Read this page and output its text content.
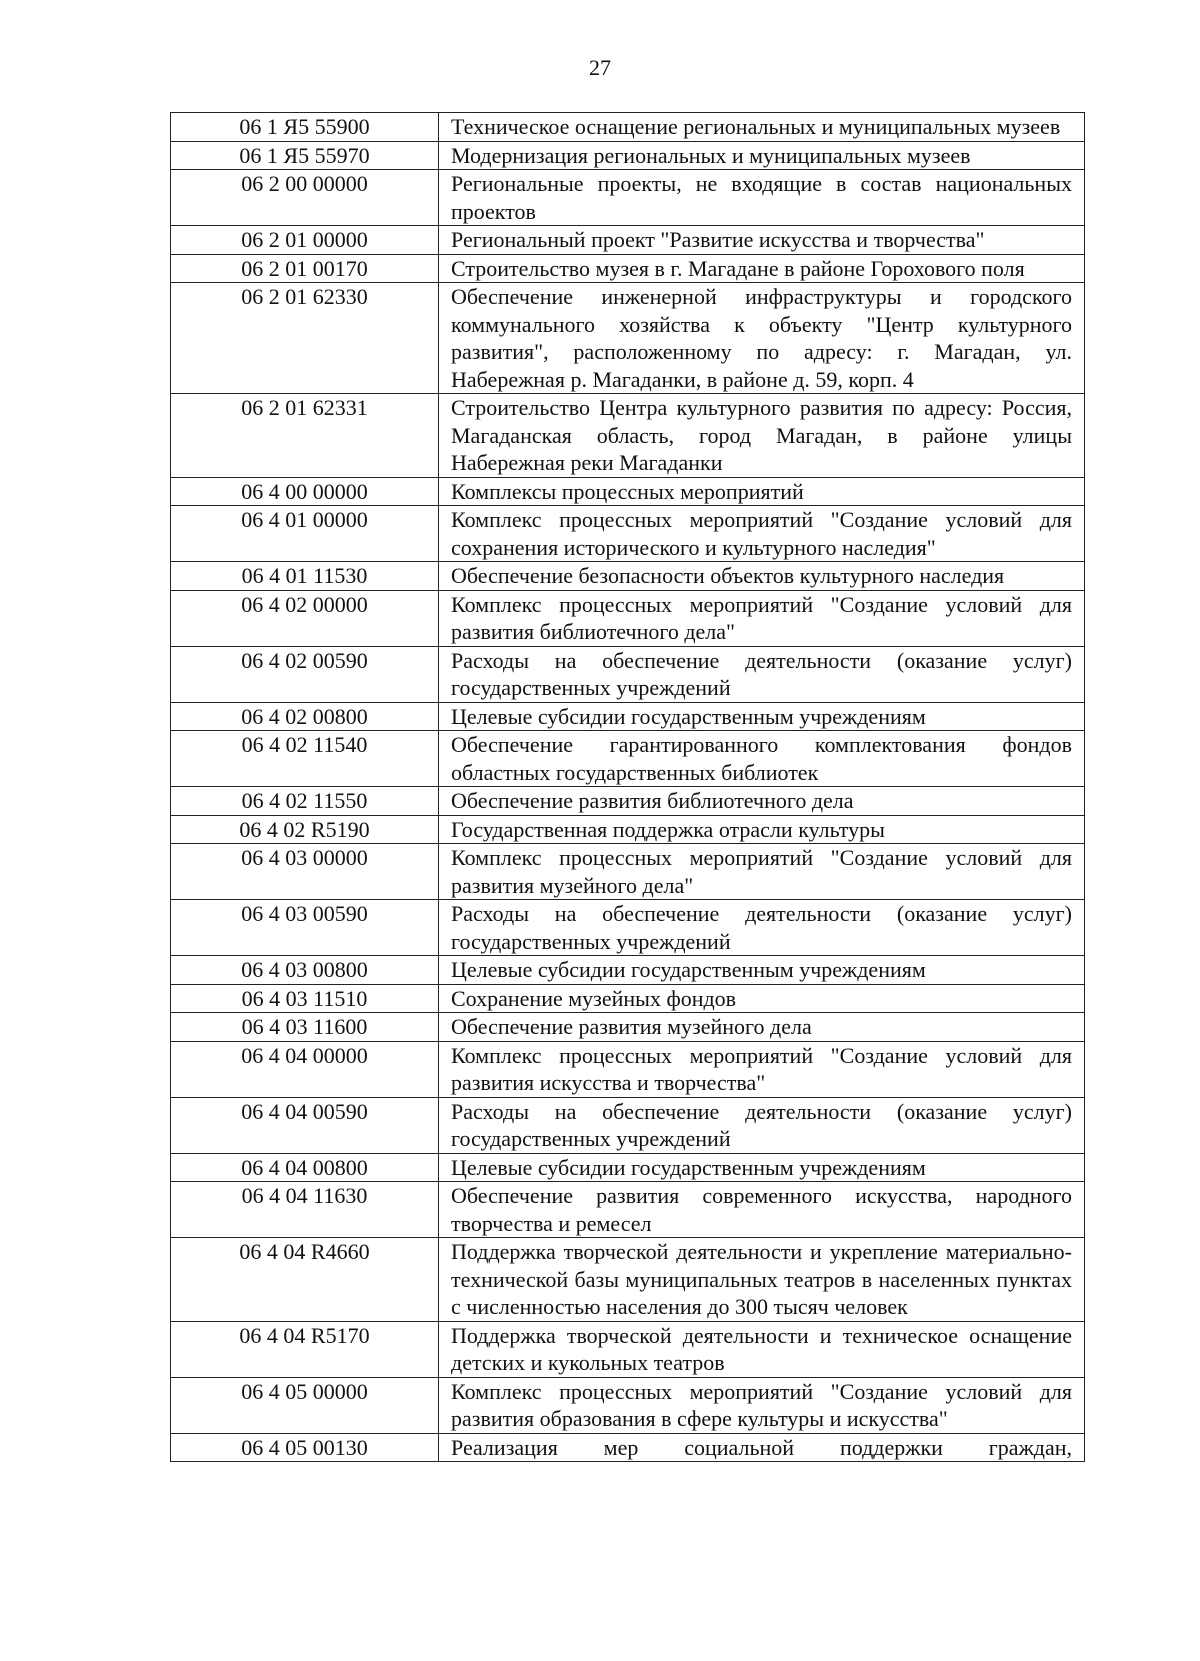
27
06 1 Я5 55900	Техническое оснащение региональных и муниципальных музеев
06 1 Я5 55970	Модернизация региональных и муниципальных музеев
06 2 00 00000	Региональные проекты, не входящие в состав национальных проектов
06 2 01 00000	Региональный проект "Развитие искусства и творчества"
06 2 01 00170	Строительство музея в г. Магадане в районе Горохового поля
06 2 01 62330	Обеспечение инженерной инфраструктуры и городского коммунального хозяйства к объекту "Центр культурного развития", расположенному по адресу: г. Магадан, ул. Набережная р. Магаданки, в районе д. 59, корп. 4
06 2 01 62331	Строительство Центра культурного развития по адресу: Россия, Магаданская область, город Магадан, в районе улицы Набережная реки Магаданки
06 4 00 00000	Комплексы процессных мероприятий
06 4 01 00000	Комплекс процессных мероприятий "Создание условий для сохранения исторического и культурного наследия"
06 4 01 11530	Обеспечение безопасности объектов культурного наследия
06 4 02 00000	Комплекс процессных мероприятий "Создание условий для развития библиотечного дела"
06 4 02 00590	Расходы на обеспечение деятельности (оказание услуг) государственных учреждений
06 4 02 00800	Целевые субсидии государственным учреждениям
06 4 02 11540	Обеспечение гарантированного комплектования фондов областных государственных библиотек
06 4 02 11550	Обеспечение развития библиотечного дела
06 4 02 R5190	Государственная поддержка отрасли культуры
06 4 03 00000	Комплекс процессных мероприятий "Создание условий для развития музейного дела"
06 4 03 00590	Расходы на обеспечение деятельности (оказание услуг) государственных учреждений
06 4 03 00800	Целевые субсидии государственным учреждениям
06 4 03 11510	Сохранение музейных фондов
06 4 03 11600	Обеспечение развития музейного дела
06 4 04 00000	Комплекс процессных мероприятий "Создание условий для развития искусства и творчества"
06 4 04 00590	Расходы на обеспечение деятельности (оказание услуг) государственных учреждений
06 4 04 00800	Целевые субсидии государственным учреждениям
06 4 04 11630	Обеспечение развития современного искусства, народного творчества и ремесел
06 4 04 R4660	Поддержка творческой деятельности и укрепление материально-технической базы муниципальных театров в населенных пунктах с численностью населения до 300 тысяч человек
06 4 04 R5170	Поддержка творческой деятельности и техническое оснащение детских и кукольных театров
06 4 05 00000	Комплекс процессных мероприятий "Создание условий для развития образования в сфере культуры и искусства"
06 4 05 00130	Реализация мер социальной поддержки граждан,
